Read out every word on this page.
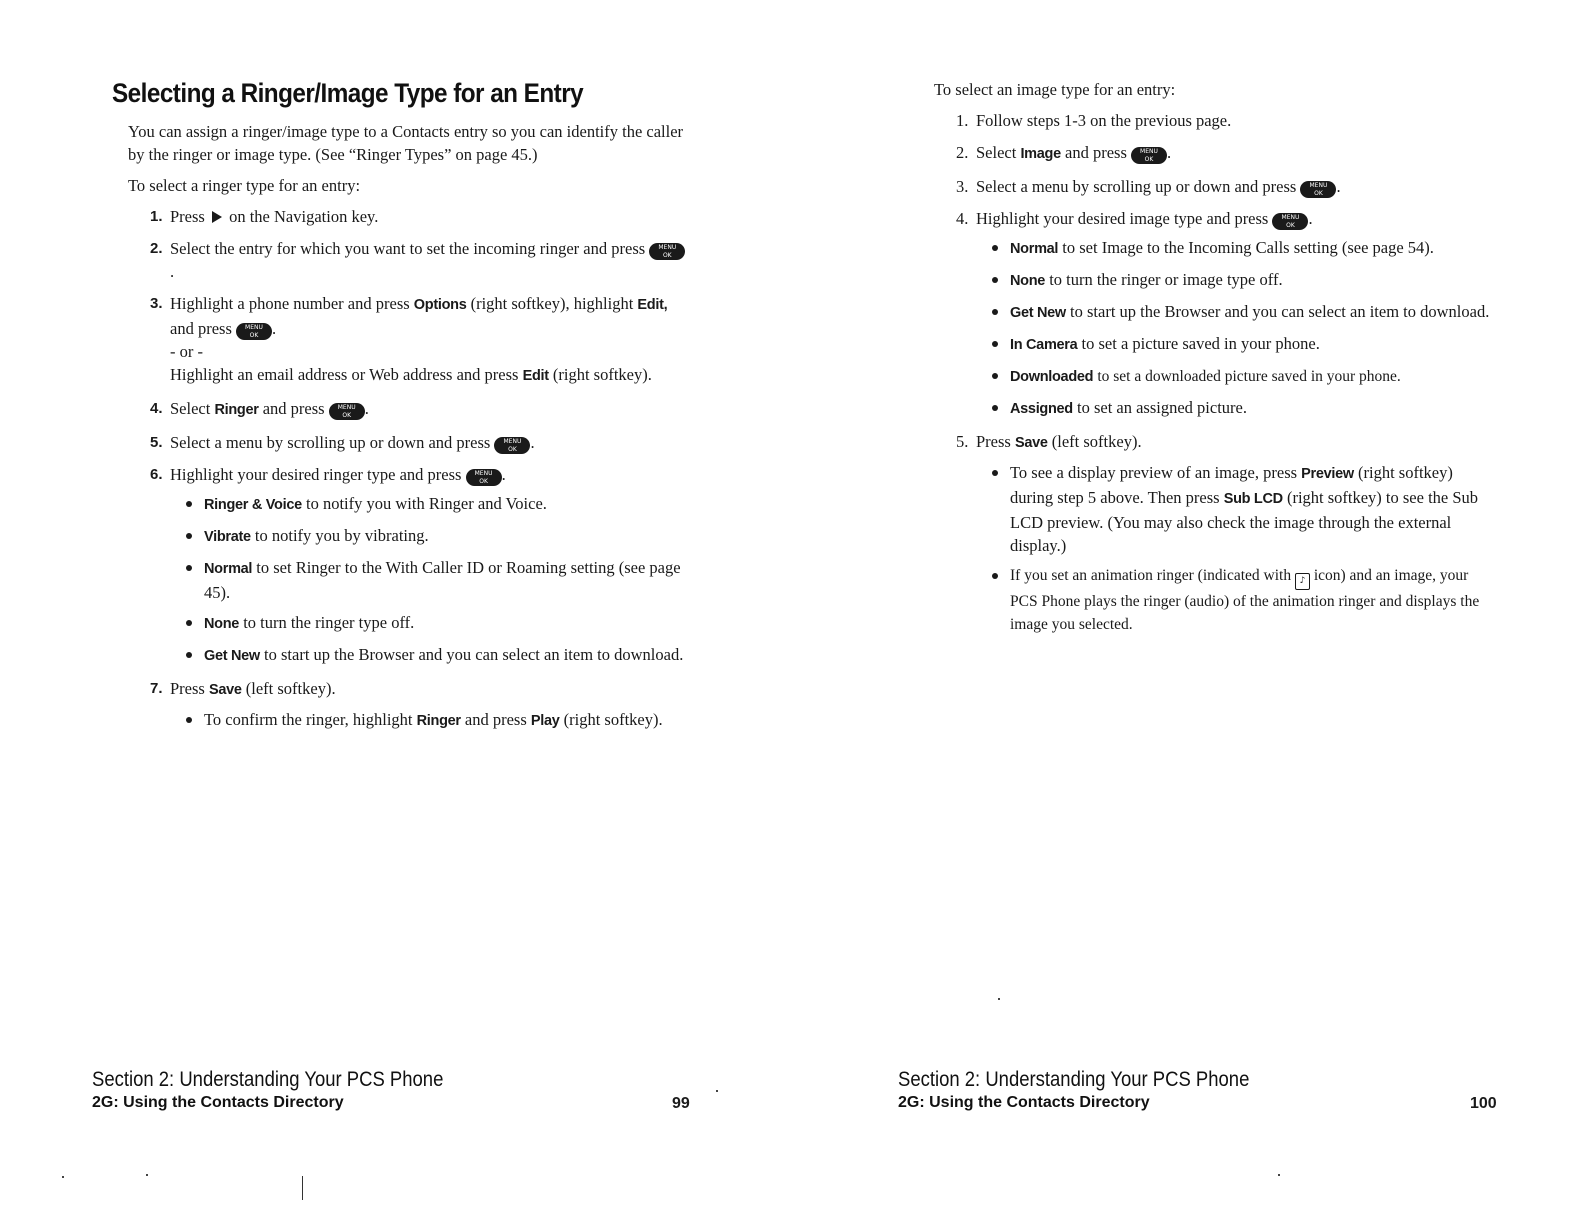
Selecting a Ringer/Image Type for an Entry

You can assign a ringer/image type to a Contacts entry so you can identify the caller by the ringer or image type. (See “Ringer Types” on page 45.)

To select a ringer type for an entry:

1. Press on the Navigation key.
2. Select the entry for which you want to set the incoming ringer and press MENU
OK.
3. Highlight a phone number and press Options (right softkey), highlight Edit, and press MENU
OK .
- or -
Highlight an email address or Web address and press Edit (right softkey).
4. Select Ringer and press MENU
OK .
5. Select a menu by scrolling up or down and press MENU
OK .
6. Highlight your desired ringer type and press MENU
OK .
Ringer & Voice to notify you with Ringer and Voice.
Vibrate to notify you by vibrating.
Normal to set Ringer to the With Caller ID or Roaming setting (see page 45).
None to turn the ringer type off.
Get New to start up the Browser and you can select an item to download.
7. Press Save (left softkey).
To confirm the ringer, highlight Ringer and press Play (right softkey).
Section 2: Understanding Your PCS Phone
2G: Using the Contacts Directory	99

To select an image type for an entry:

1. Follow steps 1-3 on the previous page.
2. Select Image and press MENU
OK .
3. Select a menu by scrolling up or down and press MENU
OK .
4. Highlight your desired image type and press MENU
OK .
Normal to set Image to the Incoming Calls setting (see page 54).
None to turn the ringer or image type off.
Get New to start up the Browser and you can select an item to download.
In Camera to set a picture saved in your phone.
Downloaded to set a downloaded picture saved in your phone.
Assigned to set an assigned picture.
5. Press Save (left softkey).
To see a display preview of an image, press Preview (right softkey) during step 5 above. Then press Sub LCD (right softkey) to see the Sub LCD preview. (You may also check the image through the external display.)
If you set an animation ringer (indicated with ♪ icon) and an image, your PCS Phone plays the ringer (audio) of the animation ringer and displays the image you selected.
Section 2: Understanding Your PCS Phone
2G: Using the Contacts Directory	100
